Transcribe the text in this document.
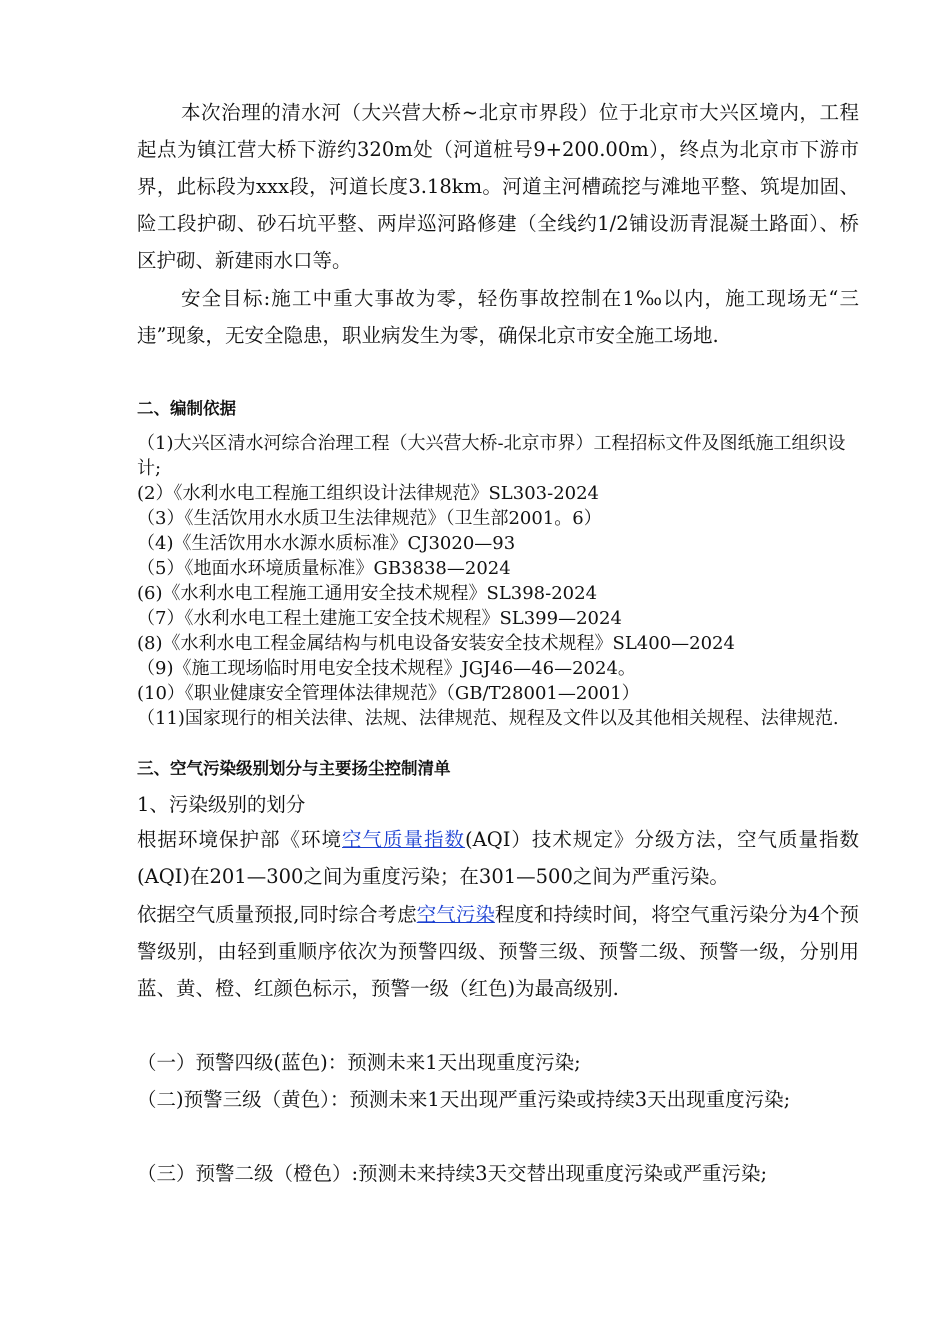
本次治理的清水河（大兴营大桥~北京市界段）位于北京市大兴区境内，工程起点为镇江营大桥下游约320m处（河道桩号9+200.00m），终点为北京市下游市界，此标段为xxx段，河道长度3.18km。河道主河槽疏挖与滩地平整、筑堤加固、险工段护砌、砂石坑平整、两岸巡河路修建（全线约1/2铺设沥青混凝土路面）、桥区护砌、新建雨水口等。

安全目标:施工中重大事故为零，轻伤事故控制在1‰以内，施工现场无“三违”现象，无安全隐患，职业病发生为零，确保北京市安全施工场地.

二、编制依据

（1)大兴区清水河综合治理工程（大兴营大桥-北京市界）工程招标文件及图纸施工组织设计;

(2）《水利水电工程施工组织设计法律规范》SL303-2024

（3）《生活饮用水水质卫生法律规范》（卫生部2001。6）

（4)《生活饮用水水源水质标准》CJ3020—93

（5）《地面水环境质量标准》GB3838—2024

(6)《水利水电工程施工通用安全技术规程》SL398-2024

（7）《水利水电工程土建施工安全技术规程》SL399—2024

(8)《水利水电工程金属结构与机电设备安装安全技术规程》SL400—2024

（9)《施工现场临时用电安全技术规程》JGJ46—46—2024。

(10）《职业健康安全管理体法律规范》（GB/T28001—2001）

（11)国家现行的相关法律、法规、法律规范、规程及文件以及其他相关规程、法律规范.

三、空气污染级别划分与主要扬尘控制清单

1、污染级别的划分

根据环境保护部《环境空气质量指数(AQI）技术规定》分级方法，空气质量指数(AQI)在201—300之间为重度污染；在301—500之间为严重污染。

依据空气质量预报,同时综合考虑空气污染程度和持续时间，将空气重污染分为4个预警级别，由轻到重顺序依次为预警四级、预警三级、预警二级、预警一级，分别用蓝、黄、橙、红颜色标示，预警一级（红色)为最高级别.

（一）预警四级(蓝色)：预测未来1天出现重度污染;

（二)预警三级（黄色）：预测未来1天出现严重污染或持续3天出现重度污染;

（三）预警二级（橙色）:预测未来持续3天交替出现重度污染或严重污染;
